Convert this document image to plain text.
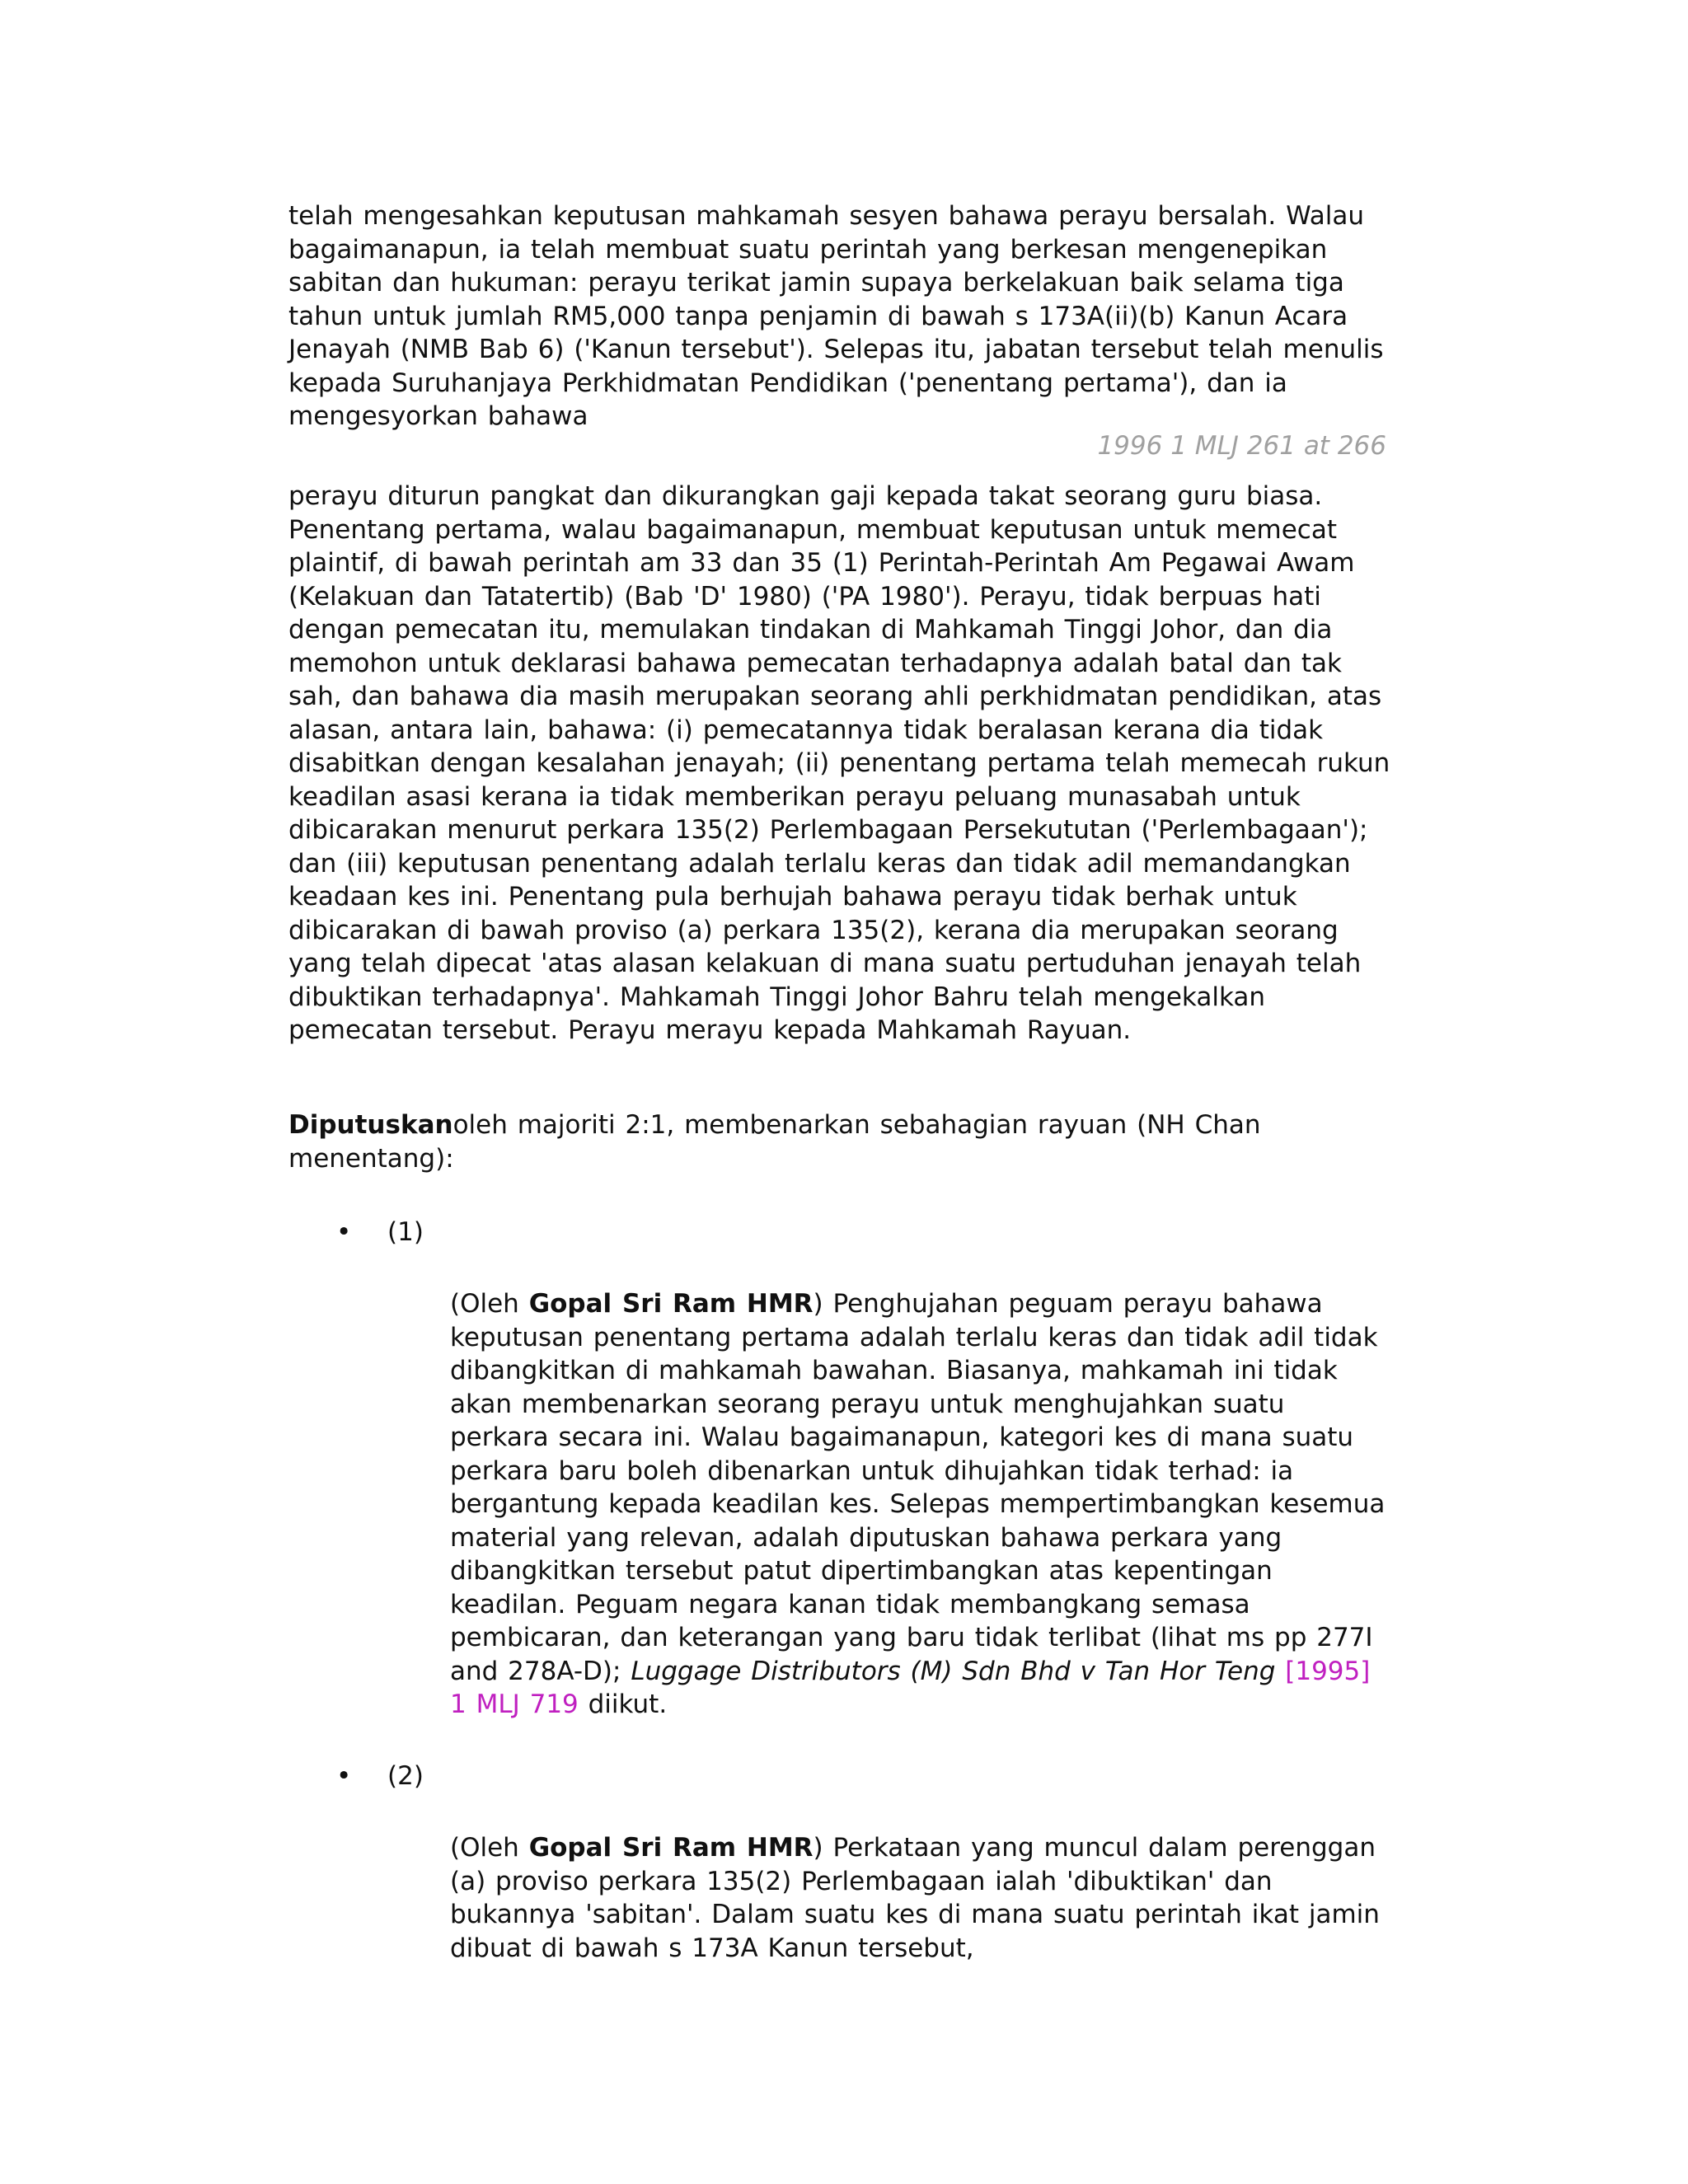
telah mengesahkan keputusan mahkamah sesyen bahawa perayu bersalah. Walau bagaimanapun, ia telah membuat suatu perintah yang berkesan mengenepikan sabitan dan hukuman: perayu terikat jamin supaya berkelakuan baik selama tiga tahun untuk jumlah RM5,000 tanpa penjamin di bawah s 173A(ii)(b) Kanun Acara Jenayah (NMB Bab 6) ('Kanun tersebut'). Selepas itu, jabatan tersebut telah menulis kepada Suruhanjaya Perkhidmatan Pendidikan ('penentang pertama'), dan ia mengesyorkan bahawa

1996 1 MLJ 261 at 266

perayu diturun pangkat dan dikurangkan gaji kepada takat seorang guru biasa. Penentang pertama, walau bagaimanapun, membuat keputusan untuk memecat plaintif, di bawah perintah am 33 dan 35 (1) Perintah-Perintah Am Pegawai Awam (Kelakuan dan Tatatertib) (Bab 'D' 1980) ('PA 1980'). Perayu, tidak berpuas hati dengan pemecatan itu, memulakan tindakan di Mahkamah Tinggi Johor, dan dia memohon untuk deklarasi bahawa pemecatan terhadapnya adalah batal dan tak sah, dan bahawa dia masih merupakan seorang ahli perkhidmatan pendidikan, atas alasan, antara lain, bahawa: (i) pemecatannya tidak beralasan kerana dia tidak disabitkan dengan kesalahan jenayah; (ii) penentang pertama telah memecah rukun keadilan asasi kerana ia tidak memberikan perayu peluang munasabah untuk dibicarakan menurut perkara 135(2) Perlembagaan Persekututan ('Perlembagaan'); dan (iii) keputusan penentang adalah terlalu keras dan tidak adil memandangkan keadaan kes ini. Penentang pula berhujah bahawa perayu tidak berhak untuk dibicarakan di bawah proviso (a) perkara 135(2), kerana dia merupakan seorang yang telah dipecat 'atas alasan kelakuan di mana suatu pertuduhan jenayah telah dibuktikan terhadapnya'. Mahkamah Tinggi Johor Bahru telah mengekalkan pemecatan tersebut. Perayu merayu kepada Mahkamah Rayuan.

Diputuskanoleh majoriti 2:1, membenarkan sebahagian rayuan (NH Chan menentang):

•	(1)

(Oleh Gopal Sri Ram HMR) Penghujahan peguam perayu bahawa keputusan penentang pertama adalah terlalu keras dan tidak adil tidak dibangkitkan di mahkamah bawahan. Biasanya, mahkamah ini tidak akan membenarkan seorang perayu untuk menghujahkan suatu perkara secara ini. Walau bagaimanapun, kategori kes di mana suatu perkara baru boleh dibenarkan untuk dihujahkan tidak terhad: ia bergantung kepada keadilan kes. Selepas mempertimbangkan kesemua material yang relevan, adalah diputuskan bahawa perkara yang dibangkitkan tersebut patut dipertimbangkan atas kepentingan keadilan. Peguam negara kanan tidak membangkang semasa pembicaran, dan keterangan yang baru tidak terlibat (lihat ms pp 277I and 278A-D); Luggage Distributors (M) Sdn Bhd v Tan Hor Teng [1995] 1 MLJ 719 diikut.

•	(2)

(Oleh Gopal Sri Ram HMR) Perkataan yang muncul dalam perenggan (a) proviso perkara 135(2) Perlembagaan ialah 'dibuktikan' dan bukannya 'sabitan'. Dalam suatu kes di mana suatu perintah ikat jamin dibuat di bawah s 173A Kanun tersebut,
